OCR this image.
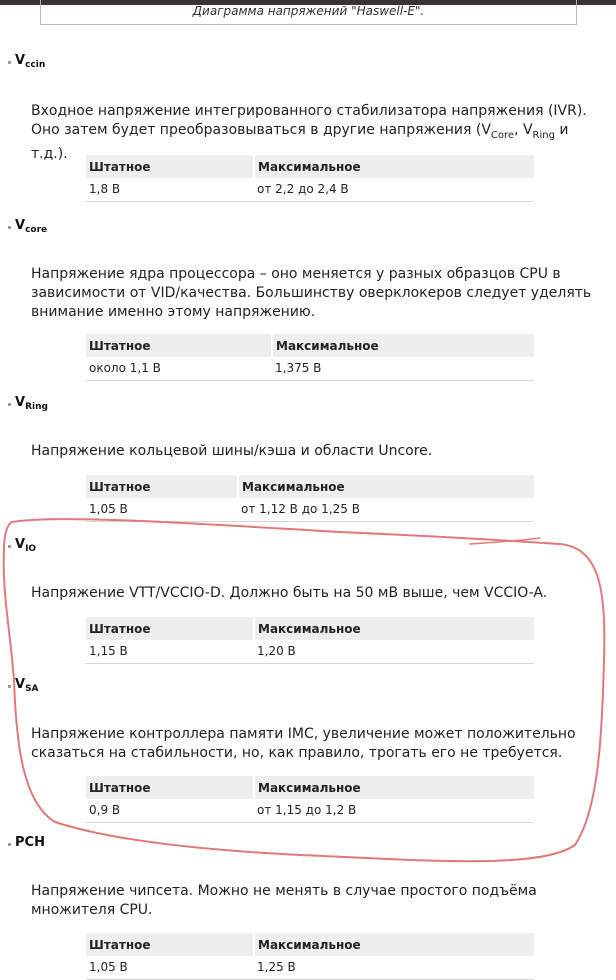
Диаграмма напряжений "Haswell-E".
$V_{ccin}$
Входное напряжение интегрированного стабилизатора напряжения (IVR). Оно затем будет преобразовываться в другие напряжения ($V_{Core}$, $V_{Ring}$ и т.д.).
Штатное	Максимальное
1,8 В	от 2,2 до 2,4 В
$V_{core}$
Напряжение ядра процессора – оно меняется у разных образцов CPU в зависимости от VID/качества. Большинству оверклокеров следует уделять внимание именно этому напряжению.
Штатное	Максимальное
около 1,1 В	1,375 В
$V_{Ring}$
Напряжение кольцевой шины/кэша и области Uncore.
Штатное	Максимальное
1,05 В	от 1,12 В до 1,25 В
$V_{IO}$
Напряжение VTT/VCCIO-D. Должно быть на 50 мВ выше, чем VCCIO-A.
Штатное	Максимальное
1,15 В	1,20 В
$V_{SA}$
Напряжение контроллера памяти IMC, увеличение может положительно сказаться на стабильности, но, как правило, трогать его не требуется.
Штатное	Максимальное
0,9 В	от 1,15 до 1,2 В
PCH
Напряжение чипсета. Можно не менять в случае простого подъёма множителя CPU.
Штатное	Максимальное
1,05 В	1,25 В
